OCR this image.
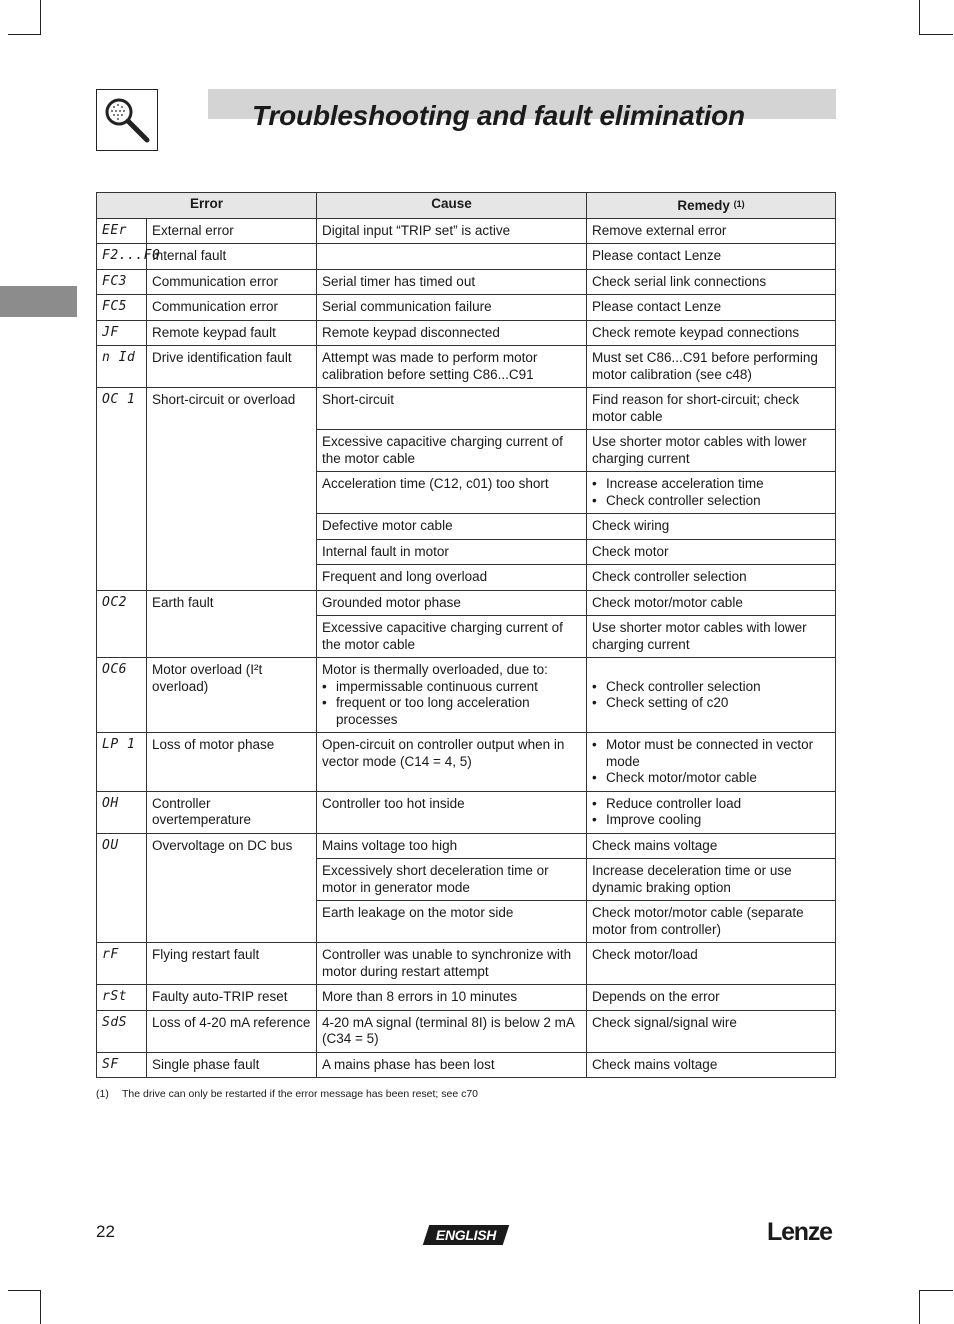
Troubleshooting and fault elimination
Error		Cause	Remedy $^{(1)}$
EEr	External error	Digital input “TRIP set” is active	Remove external error
F2...F0	Internal fault		Please contact Lenze
FC3	Communication error	Serial timer has timed out	Check serial link connections
FC5	Communication error	Serial communication failure	Please contact Lenze
JF	Remote keypad fault	Remote keypad disconnected	Check remote keypad connections
n Id	Drive identification fault	Attempt was made to perform motor calibration before setting C86...C91	Must set C86...C91 before performing motor calibration (see c48)
OC 1	Short-circuit or overload	Short-circuit	Find reason for short-circuit; check motor cable
		Excessive capacitive charging current of the motor cable	Use shorter motor cables with lower charging current
		Acceleration time (C12, c01) too short	• Increase acceleration time
• Check controller selection

		Defective motor cable	Check wiring
		Internal fault in motor	Check motor
		Frequent and long overload	Check controller selection
OC2	Earth fault	Grounded motor phase	Check motor/motor cable
		Excessive capacitive charging current of the motor cable	Use shorter motor cables with lower charging current
OC6	Motor overload (I²t overload)	Motor is thermally overloaded, due to:
• impermissable continuous current
• frequent or too long acceleration processes	• Check controller selection
• Check setting of c20

LP 1	Loss of motor phase	Open-circuit on controller output when in vector mode (C14 = 4, 5)	• Motor must be connected in vector mode
• Check motor/motor cable

OH	Controller overtemperature	Controller too hot inside	• Reduce controller load
• Improve cooling

OU	Overvoltage on DC bus	Mains voltage too high	Check mains voltage
		Excessively short deceleration time or motor in generator mode	Increase deceleration time or use dynamic braking option
		Earth leakage on the motor side	Check motor/motor cable (separate motor from controller)
rF	Flying restart fault	Controller was unable to synchronize with motor during restart attempt	Check motor/load
rSt	Faulty auto-TRIP reset	More than 8 errors in 10 minutes	Depends on the error
SdS	Loss of 4-20 mA reference	4-20 mA signal (terminal 8I) is below 2 mA (C34 = 5)	Check signal/signal wire
SF	Single phase fault	A mains phase has been lost	Check mains voltage
(1) The drive can only be restarted if the error message has been reset; see c70
22	ENGLISH	Lenze
